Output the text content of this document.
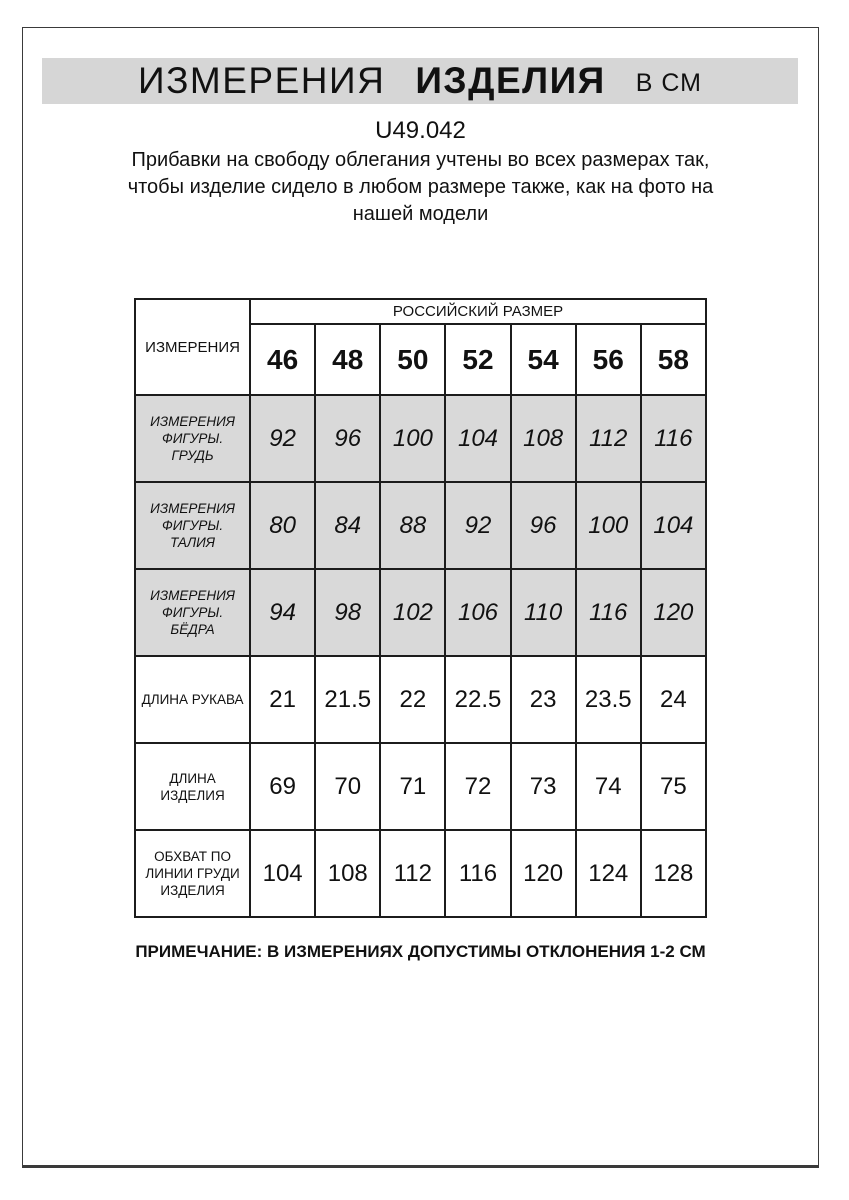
ИЗМЕРЕНИЯ ИЗДЕЛИЯ В СМ
U49.042

Прибавки на свободу облегания учтены во всех размерах так, чтобы изделие сидело в любом размере также, как на фото на нашей модели

ИЗМЕРЕНИЯ	РОССИЙСКИЙ РАЗМЕР						
	46	48	50	52	54	56	58
ИЗМЕРЕНИЯ ФИГУРЫ. ГРУДЬ	92	96	100	104	108	112	116
ИЗМЕРЕНИЯ ФИГУРЫ. ТАЛИЯ	80	84	88	92	96	100	104
ИЗМЕРЕНИЯ ФИГУРЫ. БЁДРА	94	98	102	106	110	116	120
ДЛИНА РУКАВА	21	21.5	22	22.5	23	23.5	24
ДЛИНА ИЗДЕЛИЯ	69	70	71	72	73	74	75
ОБХВАТ ПО ЛИНИИ ГРУДИ ИЗДЕЛИЯ	104	108	112	116	120	124	128
ПРИМЕЧАНИЕ: В ИЗМЕРЕНИЯХ ДОПУСТИМЫ ОТКЛОНЕНИЯ 1-2 СМ
